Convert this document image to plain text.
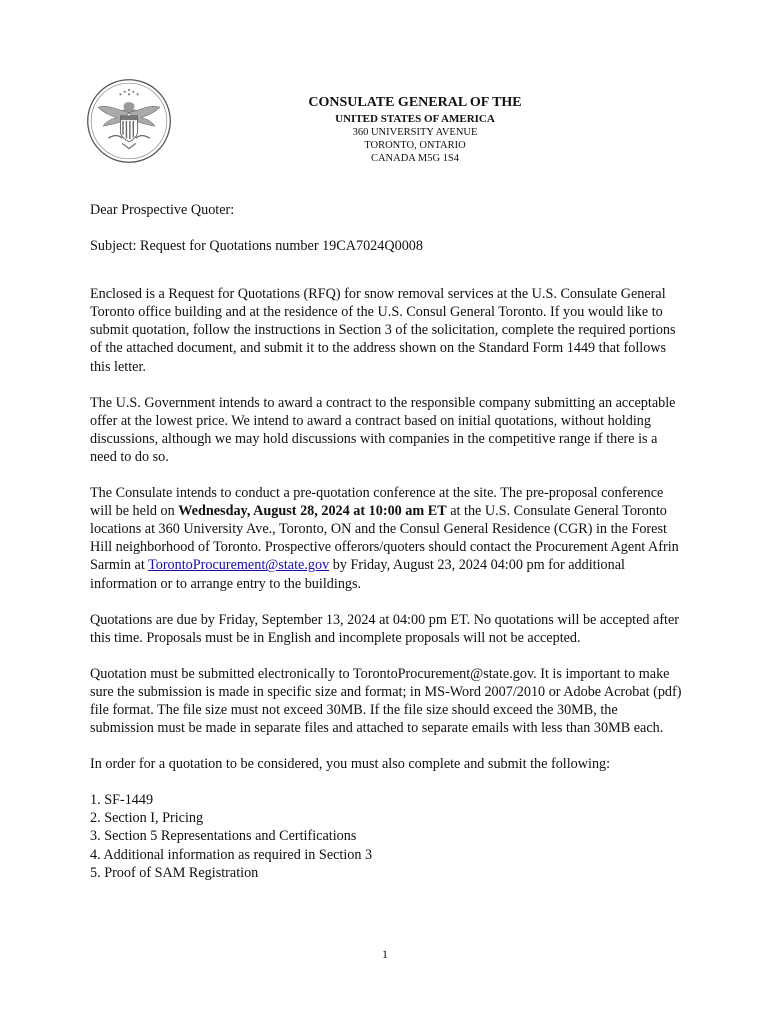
CONSULATE GENERAL OF THE
UNITED STATES OF AMERICA
360 UNIVERSITY AVENUE
TORONTO, ONTARIO
CANADA M5G 1S4

Dear Prospective Quoter:

Subject: Request for Quotations number 19CA7024Q0008

Enclosed is a Request for Quotations (RFQ) for snow removal services at the U.S. Consulate General Toronto office building and at the residence of the U.S. Consul General Toronto. If you would like to submit quotation, follow the instructions in Section 3 of the solicitation, complete the required portions of the attached document, and submit it to the address shown on the Standard Form 1449 that follows this letter.

The U.S. Government intends to award a contract to the responsible company submitting an acceptable offer at the lowest price. We intend to award a contract based on initial quotations, without holding discussions, although we may hold discussions with companies in the competitive range if there is a need to do so.

The Consulate intends to conduct a pre-quotation conference at the site. The pre-proposal conference will be held on Wednesday, August 28, 2024 at 10:00 am ET at the U.S. Consulate General Toronto locations at 360 University Ave., Toronto, ON and the Consul General Residence (CGR) in the Forest Hill neighborhood of Toronto. Prospective offerors/quoters should contact the Procurement Agent Afrin Sarmin at TorontoProcurement@state.gov by Friday, August 23, 2024 04:00 pm for additional information or to arrange entry to the buildings.

Quotations are due by Friday, September 13, 2024 at 04:00 pm ET. No quotations will be accepted after this time. Proposals must be in English and incomplete proposals will not be accepted.

Quotation must be submitted electronically to TorontoProcurement@state.gov. It is important to make sure the submission is made in specific size and format; in MS-Word 2007/2010 or Adobe Acrobat (pdf) file format. The file size must not exceed 30MB. If the file size should exceed the 30MB, the submission must be made in separate files and attached to separate emails with less than 30MB each.

In order for a quotation to be considered, you must also complete and submit the following:

1. SF-1449

2. Section I, Pricing

3. Section 5 Representations and Certifications

4. Additional information as required in Section 3

5. Proof of SAM Registration

1
